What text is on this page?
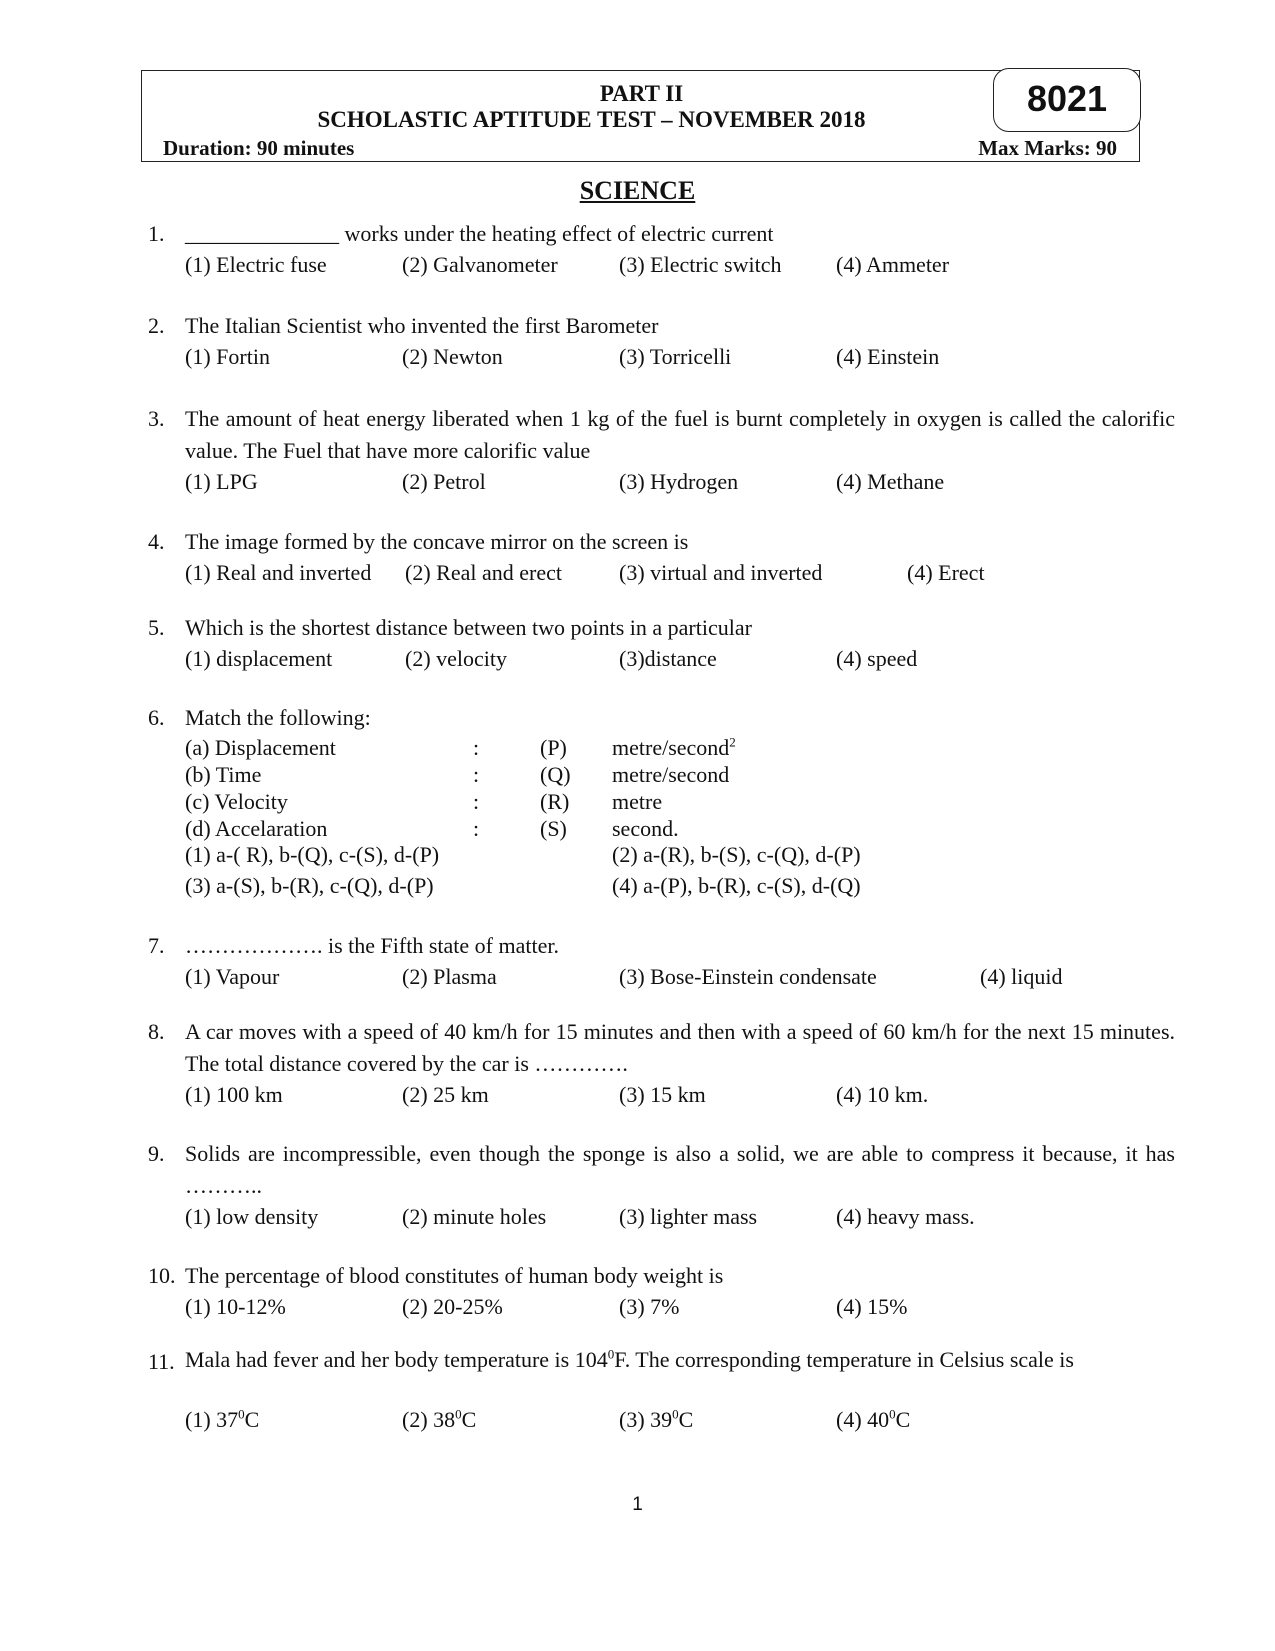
PART II
SCHOLASTIC APTITUDE TEST – NOVEMBER 2018
Duration: 90 minutes	Max Marks: 90
8021
SCIENCE
1. ______________ works under the heating effect of electric current
(1) Electric fuse	(2) Galvanometer	(3) Electric switch (4) Ammeter
2. The Italian Scientist who invented the first Barometer
(1) Fortin	(2) Newton	(3) Torricelli	(4) Einstein
3. The amount of heat energy liberated when 1 kg of the fuel is burnt completely in oxygen is called the calorific value. The Fuel that have more calorific value
(1) LPG	(2) Petrol	(3) Hydrogen	(4) Methane
4. The image formed by the concave mirror on the screen is
(1) Real and inverted (2) Real and erect	(3) virtual and inverted	(4) Erect
5. Which is the shortest distance between two points in a particular
(1) displacement	(2) velocity	(3)distance	(4) speed
6. Match the following:
(a) Displacement	:	(P) metre/second$^2$
(b) Time	:	(Q) metre/second
(c) Velocity	:	(R) metre
(d) Accelaration	:	(S) second.
(1) a-( R), b-(Q), c-(S), d-(P)	(2) a-(R), b-(S), c-(Q), d-(P)
(3) a-(S), b-(R), c-(Q), d-(P)	(4) a-(P), b-(R), c-(S), d-(Q)
7. ………………. is the Fifth state of matter.
(1) Vapour	(2) Plasma	(3) Bose-Einstein condensate	(4) liquid
8. A car moves with a speed of 40 km/h for 15 minutes and then with a speed of 60 km/h for the next 15 minutes. The total distance covered by the car is ………….
(1) 100 km	(2) 25 km	(3) 15 km	(4) 10 km.
9. Solids are incompressible, even though the sponge is also a solid, we are able to compress it because, it has ………..
(1) low density	(2) minute holes	(3) lighter mass	(4) heavy mass.
10. The percentage of blood constitutes of human body weight is
(1) 10-12%	(2) 20-25%	(3) 7%	(4) 15%
11. Mala had fever and her body temperature is $104^0F$. The corresponding temperature in Celsius scale is
(1) $37^0C$	(2) $38^0C$	(3) $39^0C$	(4) $40^0C$
1
